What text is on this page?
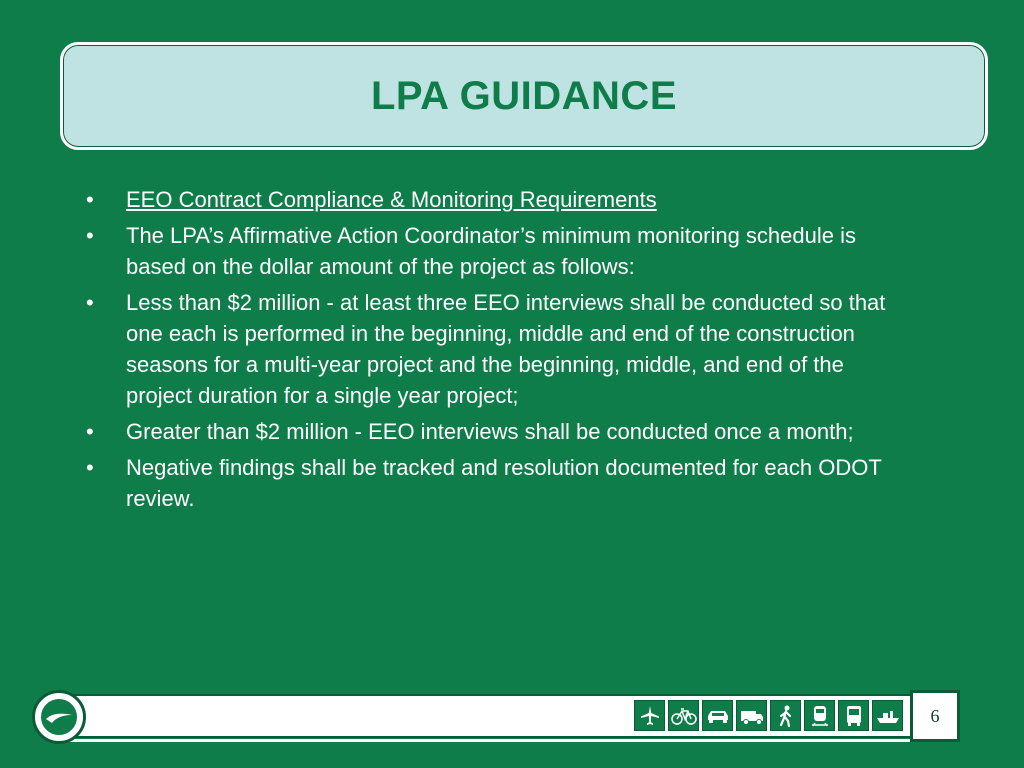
LPA GUIDANCE
• EEO Contract Compliance & Monitoring Requirements
• The LPA’s Affirmative Action Coordinator’s minimum monitoring schedule is based on the dollar amount of the project as follows:
• Less than $2 million - at least three EEO interviews shall be conducted so that one each is performed in the beginning, middle and end of the construction seasons for a multi-year project and the beginning, middle, and end of the project duration for a single year project;
• Greater than $2 million - EEO interviews shall be conducted once a month;
• Negative findings shall be tracked and resolution documented for each ODOT review.
6
